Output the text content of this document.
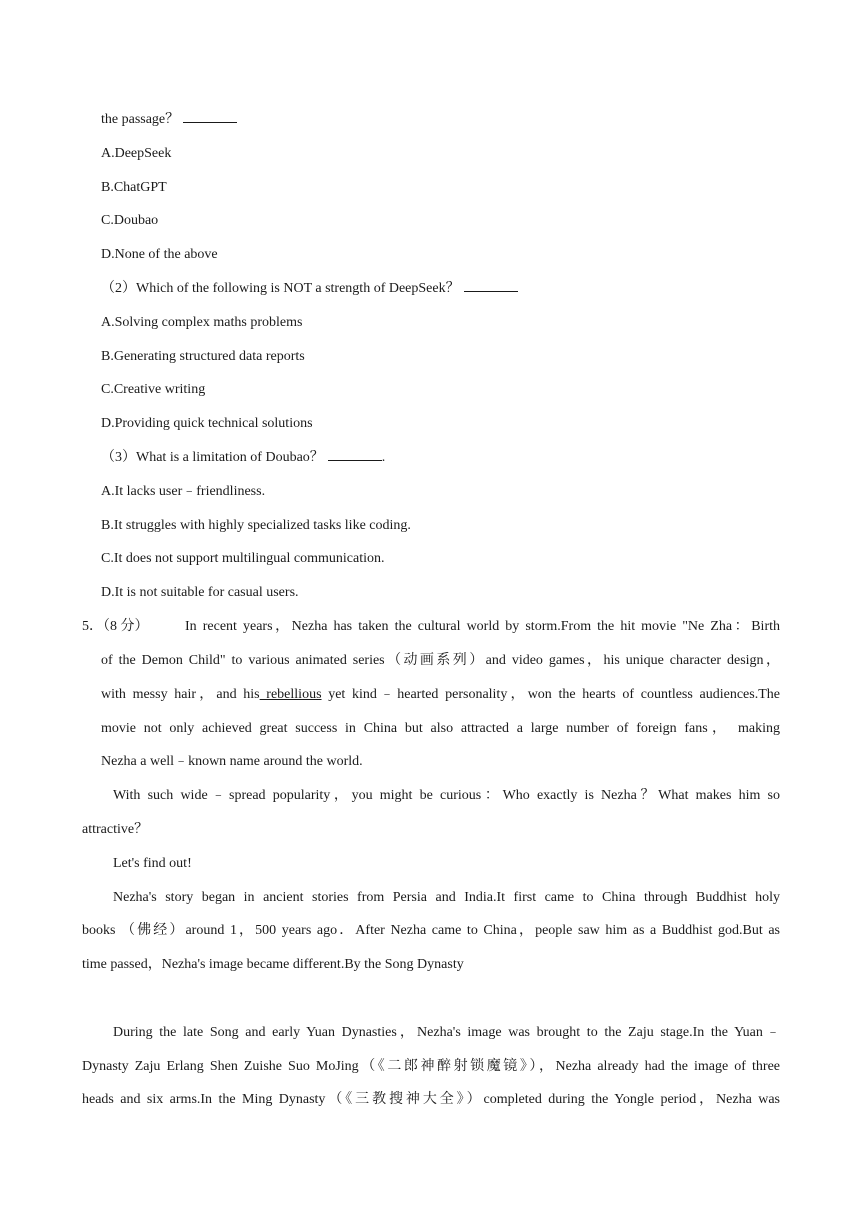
the passage？
A.DeepSeek
B.ChatGPT
C.Doubao
D.None of the above
（2）Which of the following is NOT a strength of DeepSeek？
A.Solving complex maths problems
B.Generating structured data reports
C.Creative writing
D.Providing quick technical solutions
（3）What is a limitation of Doubao？	.
A.It lacks user﹣friendliness.
B.It struggles with highly specialized tasks like coding.
C.It does not support multilingual communication.
D.It is not suitable for casual users.
5．（8 分）	In recent years，Nezha has taken the cultural world by storm.From the hit movie "Ne Zha：Birth
of the Demon Child" to various animated series（动画系列）and video games，his unique character design，
with messy hair，and his rebellious yet kind﹣hearted personality，won the hearts of countless audiences.The
movie not only achieved great success in China but also attracted a large number of foreign fans， making
Nezha a well﹣known name around the world.
With such wide﹣spread popularity，you might be curious：Who exactly is Nezha？What makes him so
attractive？
Let's find out!
Nezha's story began in ancient stories from Persia and India.It first came to China through Buddhist holy
books （佛经）around 1，500 years ago．After Nezha came to China，people saw him as a Buddhist god.But as
time passed，Nezha's image became different.By the Song Dynasty
During the late Song and early Yuan Dynasties，Nezha's image was brought to the Zaju stage.In the Yuan﹣
Dynasty Zaju Erlang Shen Zuishe Suo MoJing（《二郎神醉射锁魔镜》），Nezha already had the image of three
heads and six arms.In the Ming Dynasty（《三教搜神大全》）completed during the Yongle period，Nezha was
